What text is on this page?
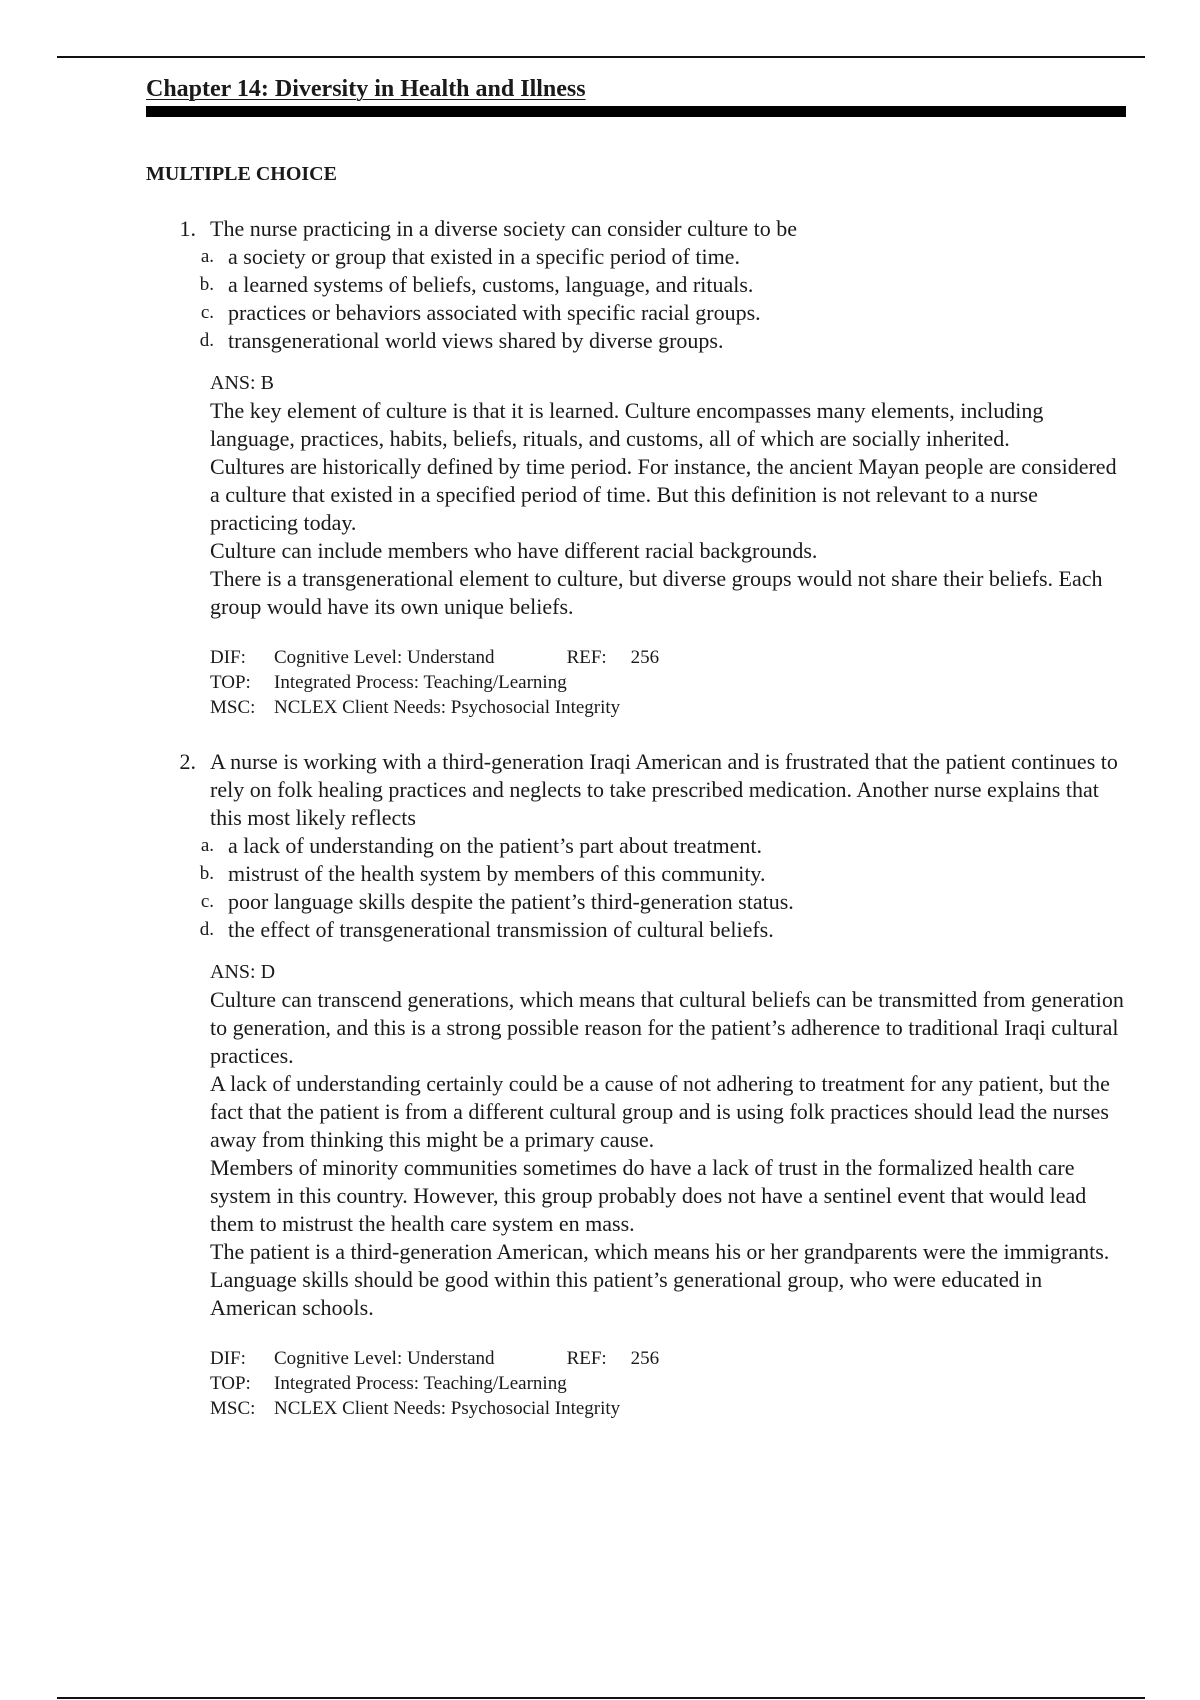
Chapter 14: Diversity in Health and Illness
MULTIPLE CHOICE
1. The nurse practicing in a diverse society can consider culture to be
a. a society or group that existed in a specific period of time.
b. a learned systems of beliefs, customs, language, and rituals.
c. practices or behaviors associated with specific racial groups.
d. transgenerational world views shared by diverse groups.
ANS: B

The key element of culture is that it is learned. Culture encompasses many elements, including language, practices, habits, beliefs, rituals, and customs, all of which are socially inherited.

Cultures are historically defined by time period. For instance, the ancient Mayan people are considered a culture that existed in a specified period of time. But this definition is not relevant to a nurse practicing today.

Culture can include members who have different racial backgrounds.

There is a transgenerational element to culture, but diverse groups would not share their beliefs. Each group would have its own unique beliefs.

DIF:	Cognitive Level: Understand	REF:	256
TOP:	Integrated Process: Teaching/Learning
MSC: NCLEX Client Needs: Psychosocial Integrity
2. A nurse is working with a third-generation Iraqi American and is frustrated that the patient continues to rely on folk healing practices and neglects to take prescribed medication. Another nurse explains that this most likely reflects
a. a lack of understanding on the patient’s part about treatment.
b. mistrust of the health system by members of this community.
c. poor language skills despite the patient’s third-generation status.
d. the effect of transgenerational transmission of cultural beliefs.
ANS: D

Culture can transcend generations, which means that cultural beliefs can be transmitted from generation to generation, and this is a strong possible reason for the patient’s adherence to traditional Iraqi cultural practices.

A lack of understanding certainly could be a cause of not adhering to treatment for any patient, but the fact that the patient is from a different cultural group and is using folk practices should lead the nurses away from thinking this might be a primary cause.

Members of minority communities sometimes do have a lack of trust in the formalized health care system in this country. However, this group probably does not have a sentinel event that would lead them to mistrust the health care system en mass.

The patient is a third-generation American, which means his or her grandparents were the immigrants. Language skills should be good within this patient’s generational group, who were educated in American schools.

DIF:	Cognitive Level: Understand	REF:	256
TOP:	Integrated Process: Teaching/Learning
MSC: NCLEX Client Needs: Psychosocial Integrity
